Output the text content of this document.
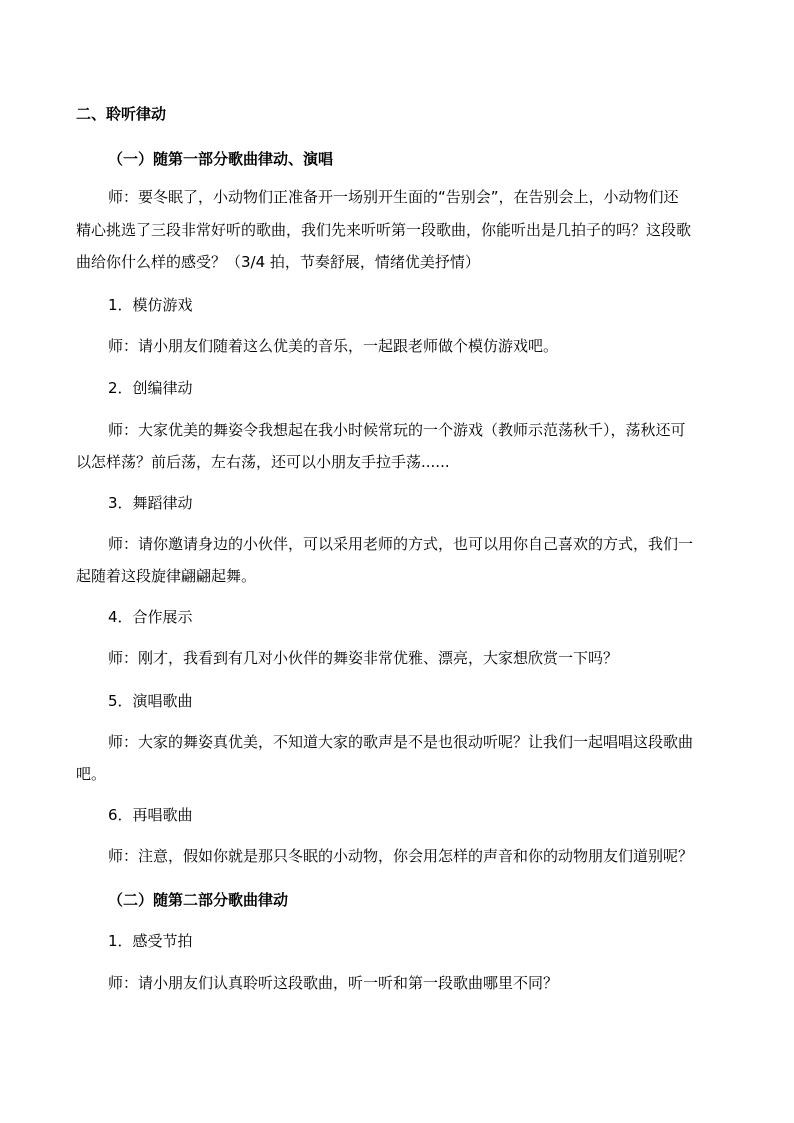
二、聆听律动
（一）随第一部分歌曲律动、演唱
师：要冬眠了，小动物们正准备开一场别开生面的“告别会”，在告别会上，小动物们还
精心挑选了三段非常好听的歌曲，我们先来听听第一段歌曲，你能听出是几拍子的吗？这段歌
曲给你什么样的感受？（3/4 拍，节奏舒展，情绪优美抒情）
1．模仿游戏
师：请小朋友们随着这么优美的音乐，一起跟老师做个模仿游戏吧。
2．创编律动
师：大家优美的舞姿令我想起在我小时候常玩的一个游戏（教师示范荡秋千），荡秋还可
以怎样荡？前后荡，左右荡，还可以小朋友手拉手荡......
3．舞蹈律动
师：请你邀请身边的小伙伴，可以采用老师的方式，也可以用你自己喜欢的方式，我们一
起随着这段旋律翩翩起舞。
4．合作展示
师：刚才，我看到有几对小伙伴的舞姿非常优雅、漂亮，大家想欣赏一下吗？
5．演唱歌曲
师：大家的舞姿真优美，不知道大家的歌声是不是也很动听呢？让我们一起唱唱这段歌曲
吧。
6．再唱歌曲
师：注意，假如你就是那只冬眠的小动物，你会用怎样的声音和你的动物朋友们道别呢？
（二）随第二部分歌曲律动
1．感受节拍
师：请小朋友们认真聆听这段歌曲，听一听和第一段歌曲哪里不同？
